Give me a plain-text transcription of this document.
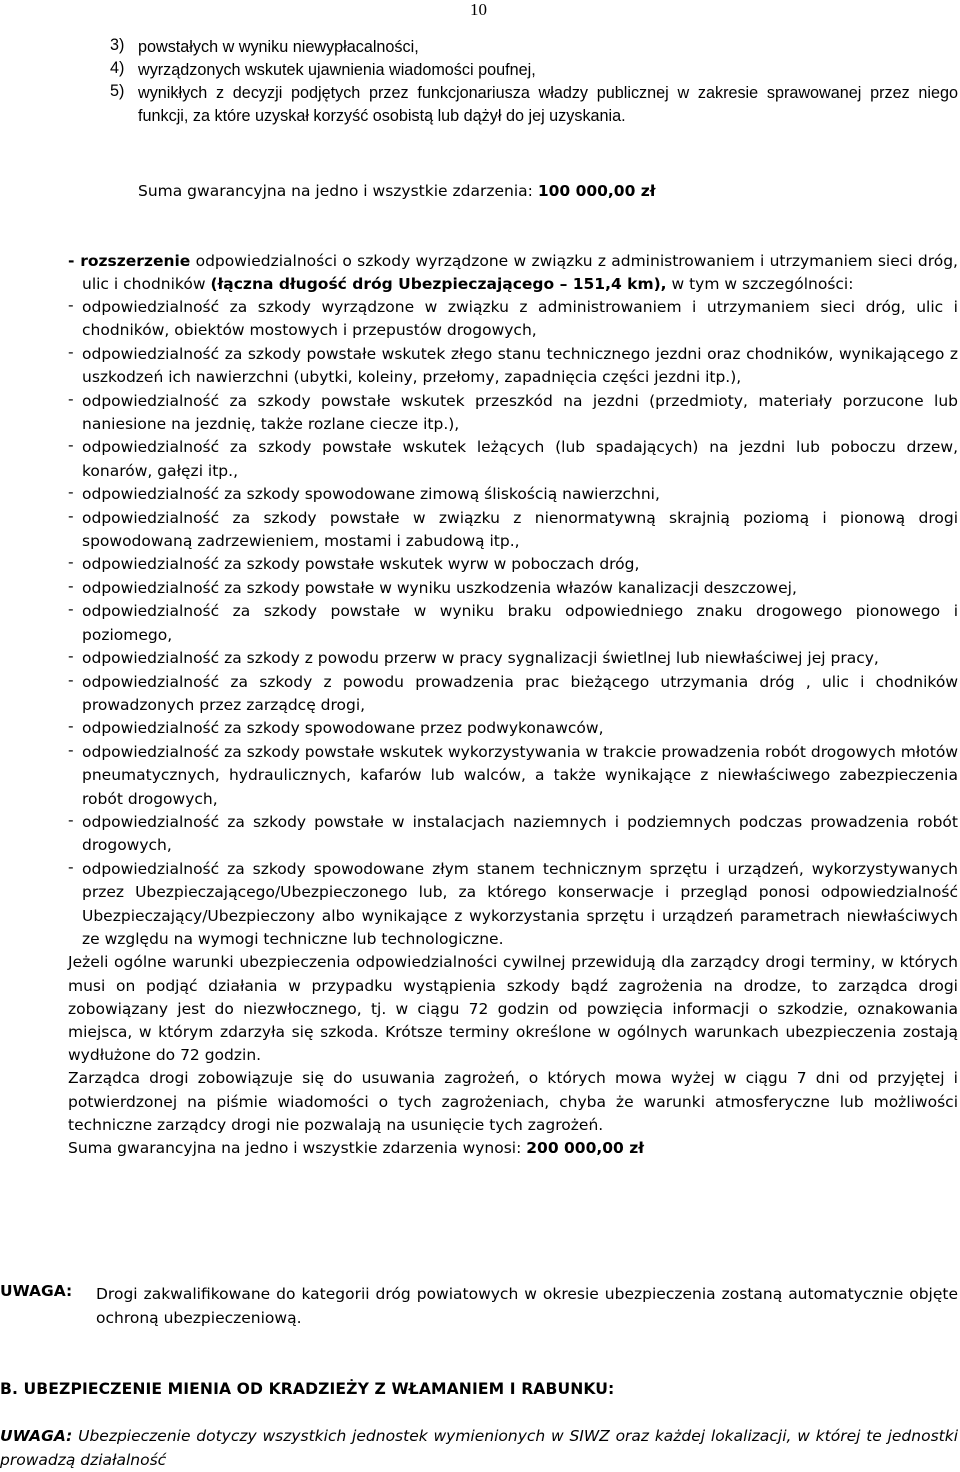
10
3) powstałych w wyniku niewypłacalności,
4) wyrządzonych wskutek ujawnienia wiadomości poufnej,
5) wynikłych z decyzji podjętych przez funkcjonariusza władzy publicznej w zakresie sprawowanej przez niego funkcji, za które uzyskał korzyść osobistą lub dążył do jej uzyskania.
Suma gwarancyjna na jedno i wszystkie zdarzenia: 100 000,00 zł
- rozszerzenie odpowiedzialności o szkody wyrządzone w związku z administrowaniem i utrzymaniem sieci dróg, ulic i chodników (łączna długość dróg Ubezpieczającego – 151,4 km), w tym w szczególności:
- odpowiedzialność za szkody wyrządzone w związku z administrowaniem i utrzymaniem sieci dróg, ulic i chodników, obiektów mostowych i przepustów drogowych,
- odpowiedzialność za szkody powstałe wskutek złego stanu technicznego jezdni oraz chodników, wynikającego z uszkodzeń ich nawierzchni (ubytki, koleiny, przełomy, zapadnięcia części jezdni itp.),
- odpowiedzialność za szkody powstałe wskutek przeszkód na jezdni (przedmioty, materiały porzucone lub naniesione na jezdnię, także rozlane ciecze itp.),
- odpowiedzialność za szkody powstałe wskutek leżących (lub spadających) na jezdni lub poboczu drzew, konarów, gałęzi itp.,
- odpowiedzialność za szkody spowodowane zimową śliskością nawierzchni,
- odpowiedzialność za szkody powstałe w związku z nienormatywną skrajnią poziomą i pionową drogi spowodowaną zadrzewieniem, mostami i zabudową itp.,
- odpowiedzialność za szkody powstałe wskutek wyrw w poboczach dróg,
- odpowiedzialność za szkody powstałe w wyniku uszkodzenia włazów kanalizacji deszczowej,
- odpowiedzialność za szkody powstałe w wyniku braku odpowiedniego znaku drogowego pionowego i poziomego,
- odpowiedzialność za szkody z powodu przerw w pracy sygnalizacji świetlnej lub niewłaściwej jej pracy,
- odpowiedzialność za szkody z powodu prowadzenia prac bieżącego utrzymania dróg , ulic i chodników prowadzonych przez zarządcę drogi,
- odpowiedzialność za szkody spowodowane przez podwykonawców,
- odpowiedzialność za szkody powstałe wskutek wykorzystywania w trakcie prowadzenia robót drogowych młotów pneumatycznych, hydraulicznych, kafarów lub walców, a także wynikające z niewłaściwego zabezpieczenia robót drogowych,
- odpowiedzialność za szkody powstałe w instalacjach naziemnych i podziemnych podczas prowadzenia robót drogowych,
- odpowiedzialność za szkody spowodowane złym stanem technicznym sprzętu i urządzeń, wykorzystywanych przez Ubezpieczającego/Ubezpieczonego lub, za którego konserwacje i przegląd ponosi odpowiedzialność Ubezpieczający/Ubezpieczony albo wynikające z wykorzystania sprzętu i urządzeń parametrach niewłaściwych ze względu na wymogi techniczne lub technologiczne.
Jeżeli ogólne warunki ubezpieczenia odpowiedzialności cywilnej przewidują dla zarządcy drogi terminy, w których musi on podjąć działania w przypadku wystąpienia szkody bądź zagrożenia na drodze, to zarządca drogi zobowiązany jest do niezwłocznego, tj. w ciągu 72 godzin od powzięcia informacji o szkodzie, oznakowania miejsca, w którym zdarzyła się szkoda. Krótsze terminy określone w ogólnych warunkach ubezpieczenia zostają wydłużone do 72 godzin.
Zarządca drogi zobowiązuje się do usuwania zagrożeń, o których mowa wyżej w ciągu 7 dni od przyjętej i potwierdzonej na piśmie wiadomości o tych zagrożeniach, chyba że warunki atmosferyczne lub możliwości techniczne zarządcy drogi nie pozwalają na usunięcie tych zagrożeń.
Suma gwarancyjna na jedno i wszystkie zdarzenia wynosi: 200 000,00 zł
UWAGA:	Drogi zakwalifikowane do kategorii dróg powiatowych w okresie ubezpieczenia zostaną automatycznie objęte ochroną ubezpieczeniową.
B. UBEZPIECZENIE MIENIA OD KRADZIEŻY Z WŁAMANIEM I RABUNKU:
UWAGA: Ubezpieczenie dotyczy wszystkich jednostek wymienionych w SIWZ oraz każdej lokalizacji, w której te jednostki prowadzą działalność
